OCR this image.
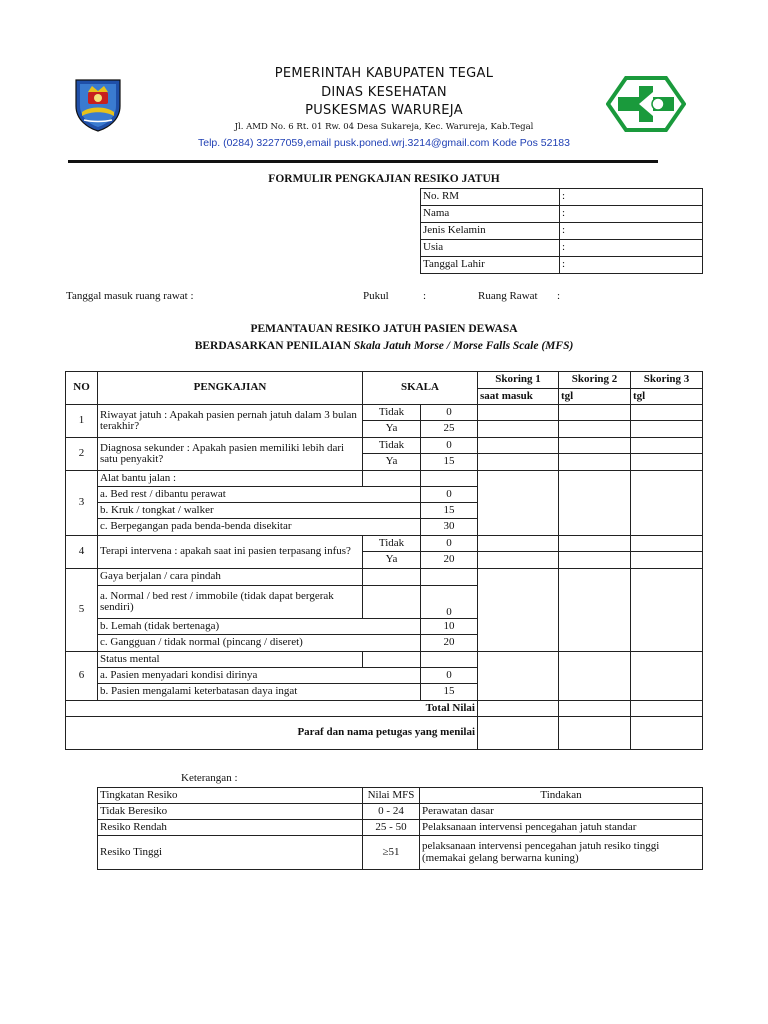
PEMERINTAH KABUPATEN TEGAL
DINAS KESEHATAN
PUSKESMAS WARUREJA
Jl. AMD No. 6 Rt. 01 Rw. 04 Desa Sukareja, Kec. Warureja, Kab.Tegal
Telp. (0284) 32277059,email pusk.poned.wrj.3214@gmail.com Kode Pos 52183
FORMULIR PENGKAJIAN RESIKO JATUH
No. RM	:
Nama	:
Jenis Kelamin	:
Usia	:
Tanggal Lahir	:
Tanggal masuk ruang rawat :	Pukul	:	Ruang Rawat :
PEMANTAUAN RESIKO JATUH PASIEN DEWASA
BERDASARKAN PENILAIAN Skala Jatuh Morse / Morse Falls Scale (MFS)
NO	PENGKAJIAN	SKALA		Skoring 1	Skoring 2	Skoring 3
				saat masuk	tgl	tgl
1	Riwayat jatuh : Apakah pasien pernah jatuh dalam 3 bulan terakhir?	Tidak	0			
		Ya	25			
2	Diagnosa sekunder : Apakah pasien memiliki lebih dari satu penyakit?	Tidak	0			
		Ya	15			
3	Alat bantu jalan :					
	a. Bed rest / dibantu perawat		0			
	b. Kruk / tongkat / walker		15			
	c. Berpegangan pada benda-benda disekitar		30			
4	Terapi intervena : apakah saat ini pasien terpasang infus?	Tidak	0			
		Ya	20			
5	Gaya berjalan / cara pindah					
	a. Normal / bed rest / immobile (tidak dapat bergerak sendiri)		0			
	b. Lemah (tidak bertenaga)		10			
	c. Gangguan / tidak normal (pincang / diseret)		20			
6	Status mental					
	a. Pasien menyadari kondisi dirinya		0			
	b. Pasien mengalami keterbatasan daya ingat		15			
Total Nilai						
Paraf dan nama petugas yang menilai						
Keterangan :
Tingkatan Resiko	Nilai MFS	Tindakan
Tidak Beresiko	0 - 24	Perawatan dasar
Resiko Rendah	25 - 50	Pelaksanaan intervensi pencegahan jatuh standar
Resiko Tinggi	≥51	pelaksanaan intervensi pencegahan jatuh resiko tinggi (memakai gelang berwarna kuning)
